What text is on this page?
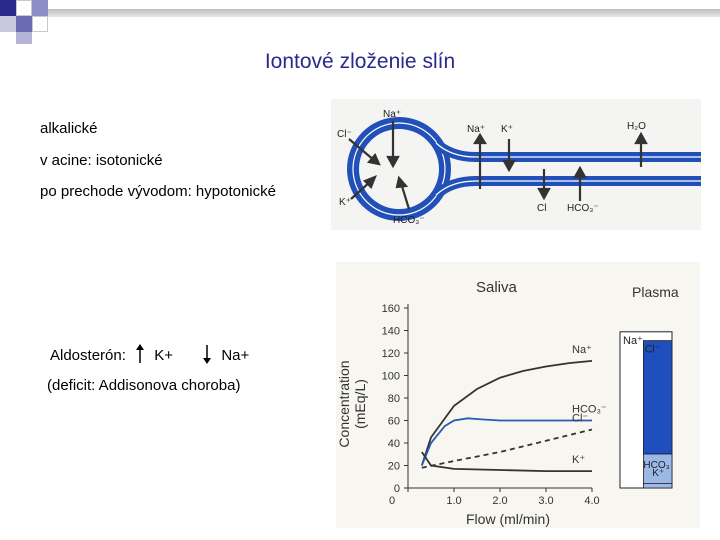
Iontové zloženie slín
alkalické
v acine: isotonické
po prechode vývodom: hypotonické
Aldosterón: K+	Na+
(deficit: Addisonova choroba)
Cl⁻
Na⁺
K⁺
HCO₃⁻
Na⁺ K⁺	H₂O
Cl HCO₃⁻
Saliva	Plasma
Flow (ml/min)
Concentration (mEq/L)
0
20
40
60
80
100
120
140
160
0	1.0	2.0	3.0	4.0
Na⁺
HCO₃⁻
Cl⁻
K⁺
Na⁺
Cl⁻
HCO₃
K⁺
